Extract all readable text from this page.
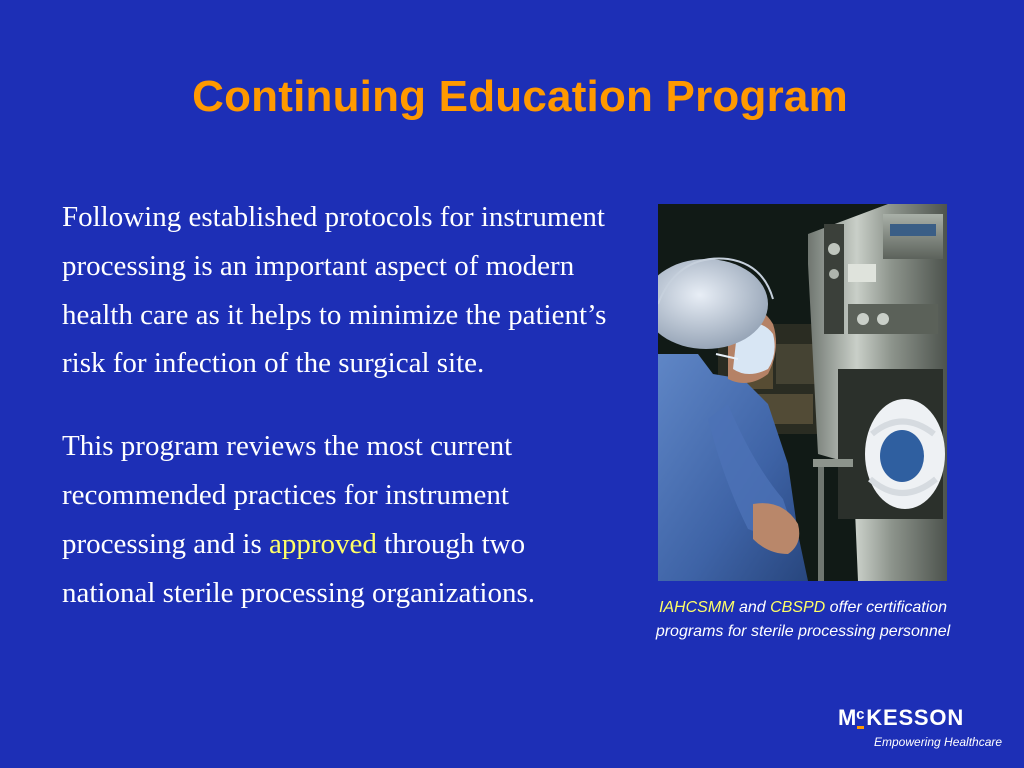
Continuing Education Program

Following established protocols for instrument processing is an important aspect of modern health care as it helps to minimize the patient’s risk for infection of the surgical site.

This program reviews the most current recommended practices for instrument processing and is approved through two national sterile processing organizations.	IAHCSMM and CBSPD offer certification programs for sterile processing personnel
McKESSON
Empowering Healthcare
